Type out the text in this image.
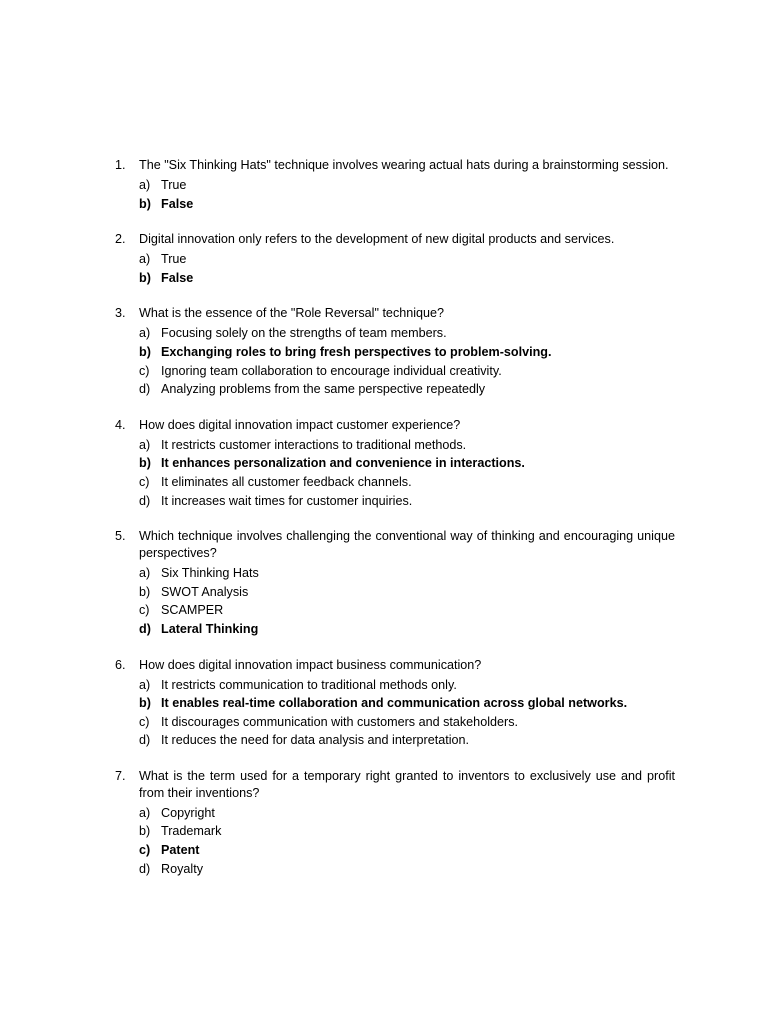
1.	The "Six Thinking Hats" technique involves wearing actual hats during a brainstorming session.
a) True
b) False
2.	Digital innovation only refers to the development of new digital products and services.
a) True
b) False
3.	What is the essence of the "Role Reversal" technique?
a) Focusing solely on the strengths of team members.
b) Exchanging roles to bring fresh perspectives to problem-solving.
c) Ignoring team collaboration to encourage individual creativity.
d) Analyzing problems from the same perspective repeatedly
4.	How does digital innovation impact customer experience?
a) It restricts customer interactions to traditional methods.
b) It enhances personalization and convenience in interactions.
c) It eliminates all customer feedback channels.
d) It increases wait times for customer inquiries.
5.	Which technique involves challenging the conventional way of thinking and encouraging unique perspectives?
a) Six Thinking Hats
b) SWOT Analysis
c) SCAMPER
d) Lateral Thinking
6.	How does digital innovation impact business communication?
a) It restricts communication to traditional methods only.
b) It enables real-time collaboration and communication across global networks.
c) It discourages communication with customers and stakeholders.
d) It reduces the need for data analysis and interpretation.
7.	What is the term used for a temporary right granted to inventors to exclusively use and profit from their inventions?
a) Copyright
b) Trademark
c) Patent
d) Royalty
